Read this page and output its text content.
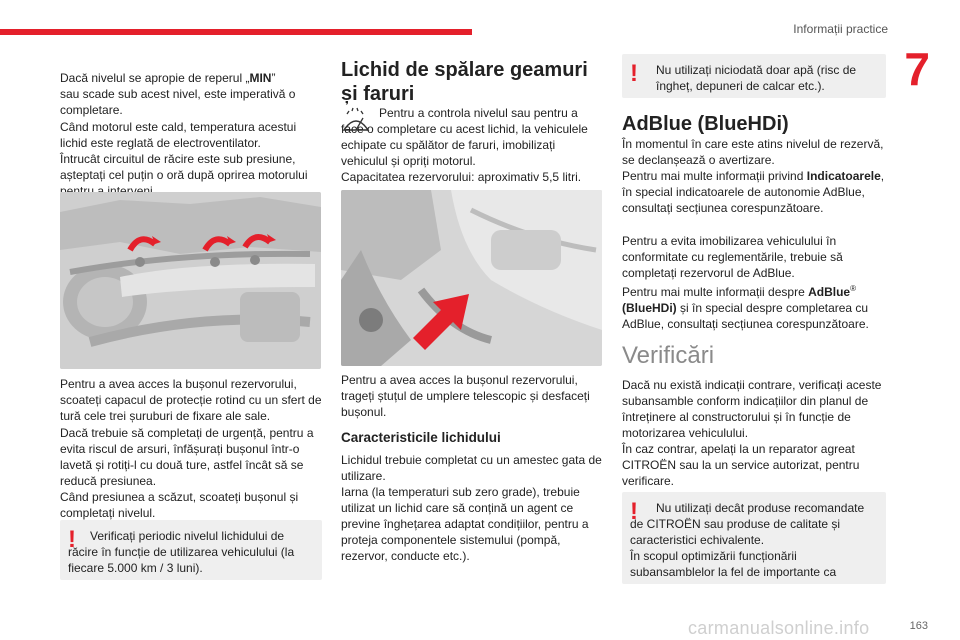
Informații practice
7

Dacă nivelul se apropie de reperul „MIN”
sau scade sub acest nivel, este imperativă o
completare.

Când motorul este cald, temperatura acestui lichid este reglată de electroventilator.

Întrucât circuitul de răcire este sub presiune, așteptați cel puțin o oră după oprirea motorului

Pentru a avea acces la bușonul rezervorului, scoateți capacul de protecție rotind cu un sfert de tură cele trei șuruburi de fixare ale sale.

Dacă trebuie să completați de urgență, pentru a evita riscul de arsuri, înfășurați bușonul într-o lavetă și rotiți-l cu două ture, astfel încât să se reducă presiunea.

Când presiunea a scăzut, scoateți bușonul și completați nivelul.

!	Verificați periodic nivelul lichidului de răcire în funcție de utilizarea vehiculului (la fiecare 5.000 km / 3 luni).

Lichid de spălare geamuri și faruri

Pentru a controla nivelul sau pentru a face o completare cu acest lichid, la vehiculele echipate cu spălător de faruri, imobilizați vehiculul și opriți motorul.

Capacitatea rezervorului: aproximativ 5,5 litri.

Pentru a avea acces la bușonul rezervorului, trageți ștuțul de umplere telescopic și desfaceți bușonul.

Caracteristicile lichidului

Lichidul trebuie completat cu un amestec gata de utilizare.

Iarna (la temperaturi sub zero grade), trebuie utilizat un lichid care să conțină un agent ce previne înghețarea adaptat condițiilor, pentru a proteja componentele sistemului (pompă, rezervor, conducte etc.).

! Nu utilizați niciodată doar apă (risc de îngheț, depuneri de calcar etc.).

AdBlue (BlueHDi)

În momentul în care este atins nivelul de rezervă, se declanșează o avertizare.

Pentru mai multe informații privind Indicatoarele, în special indicatoarele de autonomie AdBlue, consultați secțiunea corespunzătoare.

Pentru a evita imobilizarea vehiculului în conformitate cu reglementările, trebuie să completați rezervorul de AdBlue.

Pentru mai multe informații despre AdBlue® (BlueHDi) și în special despre completarea cu AdBlue, consultați secțiunea corespunzătoare.

Verificări

Dacă nu există indicații contrare, verificați aceste subansamble conform indicațiilor din planul de întreținere al constructorului și în funcție de motorizarea vehiculului.

În caz contrar, apelați la un reparator agreat CITROËN sau la un service autorizat, pentru verificare.

!	Nu utilizați decât produse recomandate de CITROËN sau produse de calitate și caracteristici echivalente.
În scopul optimizării funcționării subansamblelor la fel de importante ca

163
carmanualsonline.info
